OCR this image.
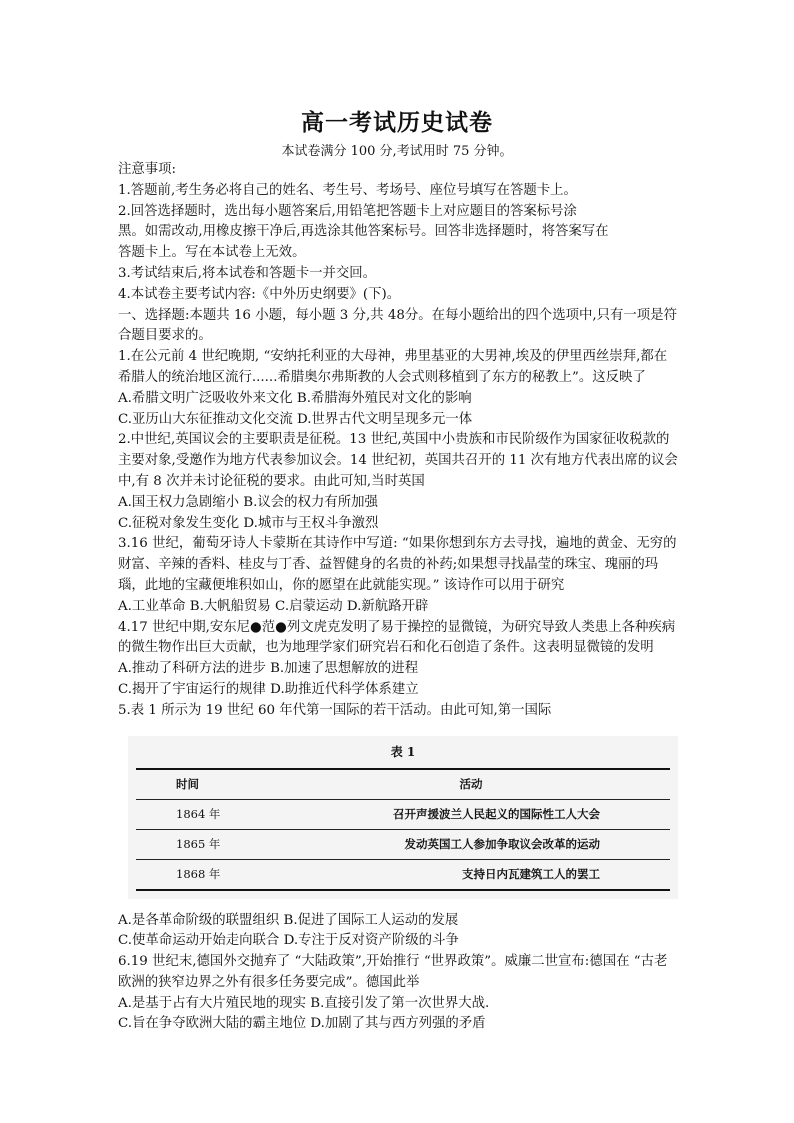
高一考试历史试卷
本试卷满分 100 分,考试用时 75 分钟。

注意事项:

1.答题前,考生务必将自己的姓名、考生号、考场号、座位号填写在答题卡上。

2.回答选择题时，选出每小题答案后,用铅笔把答题卡上对应题目的答案标号涂

黑。如需改动,用橡皮擦干净后,再选涂其他答案标号。回答非选择题时，将答案写在

答题卡上。写在本试卷上无效。

3.考试结束后,将本试卷和答题卡一并交回。

4.本试卷主要考试内容:《中外历史纲要》(下)。

一、选择题:本题共 16 小题，每小题 3 分,共 48分。在每小题给出的四个选项中,只有一项是符合题目要求的。

1.在公元前 4 世纪晚期, “安纳托利亚的大母神，弗里基亚的大男神,埃及的伊里西丝崇拜,都在希腊人的统治地区流行......希腊奥尔弗斯教的人会式则移植到了东方的秘教上”。这反映了

A.希腊文明广泛吸收外来文化 B.希腊海外殖民对文化的影响

C.亚历山大东征推动文化交流 D.世界古代文明呈现多元一体

2.中世纪,英国议会的主要职责是征税。13 世纪,英国中小贵族和市民阶级作为国家征收税款的主要对象,受邀作为地方代表参加议会。14 世纪初，英国共召开的 11 次有地方代表出席的议会中,有 8 次并未讨论征税的要求。由此可知,当时英国

A.国王权力急剧缩小 B.议会的权力有所加强

C.征税对象发生变化 D.城市与王权斗争激烈

3.16 世纪，葡萄牙诗人卡蒙斯在其诗作中写道: “如果你想到东方去寻找，遍地的黄金、无穷的财富、辛辣的香料、桂皮与丁香、益智健身的名贵的补药;如果想寻找晶莹的珠宝、瑰丽的玛瑙，此地的宝藏便堆积如山，你的愿望在此就能实现。” 该诗作可以用于研究

A.工业革命 B.大帆船贸易 C.启蒙运动 D.新航路开辟

4.17 世纪中期,安东尼●范●列文虎克发明了易于操控的显微镜，为研究导致人类患上各种疾病的微生物作出巨大贡献，也为地理学家们研究岩石和化石创造了条件。这表明显微镜的发明

A.推动了科研方法的进步 B.加速了思想解放的进程

C.揭开了宇宙运行的规律 D.助推近代科学体系建立

5.表 1 所示为 19 世纪 60 年代第一国际的若干活动。由此可知,第一国际

表 1
时间	活动
1864 年	召开声援波兰人民起义的国际性工人大会
1865 年	发动英国工人参加争取议会改革的运动
1868 年	支持日内瓦建筑工人的罢工

A.是各革命阶级的联盟组织 B.促进了国际工人运动的发展

C.使革命运动开始走向联合 D.专注于反对资产阶级的斗争

6.19 世纪末,德国外交抛弃了 “大陆政策”,开始推行 “世界政策”。威廉二世宣布:德国在 “古老欧洲的狭窄边界之外有很多任务要完成”。德国此举

A.是基于占有大片殖民地的现实 B.直接引发了第一次世界大战.

C.旨在争夺欧洲大陆的霸主地位 D.加剧了其与西方列强的矛盾
